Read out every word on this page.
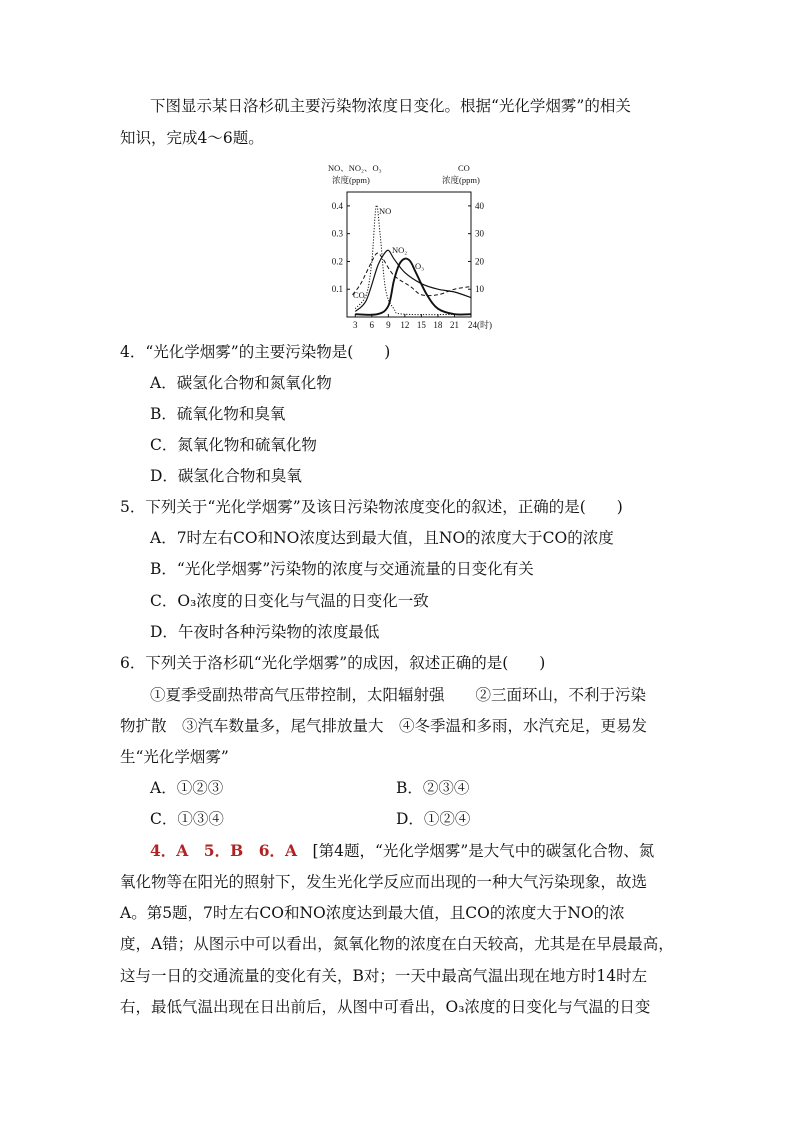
下图显示某日洛杉矶主要污染物浓度日变化。根据“光化学烟雾”的相关
知识，完成4～6题。
NO、NO₂、O₃
浓度(ppm)
CO
浓度(ppm)
0.1
0.2
0.3
0.4
10
20
30
40
3 6 9 12 15 18 21 24(时)
NO
NO₂
O₃
CO
4．“光化学烟雾”的主要污染物是(　　)
A．碳氢化合物和氮氧化物
B．硫氧化物和臭氧
C．氮氧化物和硫氧化物
D．碳氢化合物和臭氧
5．下列关于“光化学烟雾”及该日污染物浓度变化的叙述，正确的是(　　)
A．7时左右CO和NO浓度达到最大值，且NO的浓度大于CO的浓度
B．“光化学烟雾”污染物的浓度与交通流量的日变化有关
C．O₃浓度的日变化与气温的日变化一致
D．午夜时各种污染物的浓度最低
6．下列关于洛杉矶“光化学烟雾”的成因，叙述正确的是(　　)
①夏季受副热带高气压带控制，太阳辐射强　　②三面环山，不利于污染
物扩散　③汽车数量多，尾气排放量大　④冬季温和多雨，水汽充足，更易发
生“光化学烟雾”
A．①②③	B．②③④
C．①③④	D．①②④
4．A　5．B　6．A　 [第4题，“光化学烟雾”是大气中的碳氢化合物、氮
氧化物等在阳光的照射下，发生光化学反应而出现的一种大气污染现象，故选
A。第5题，7时左右CO和NO浓度达到最大值，且CO的浓度大于NO的浓
度，A错；从图示中可以看出，氮氧化物的浓度在白天较高，尤其是在早晨最高，
这与一日的交通流量的变化有关，B对；一天中最高气温出现在地方时14时左
右，最低气温出现在日出前后，从图中可看出，O₃浓度的日变化与气温的日变
